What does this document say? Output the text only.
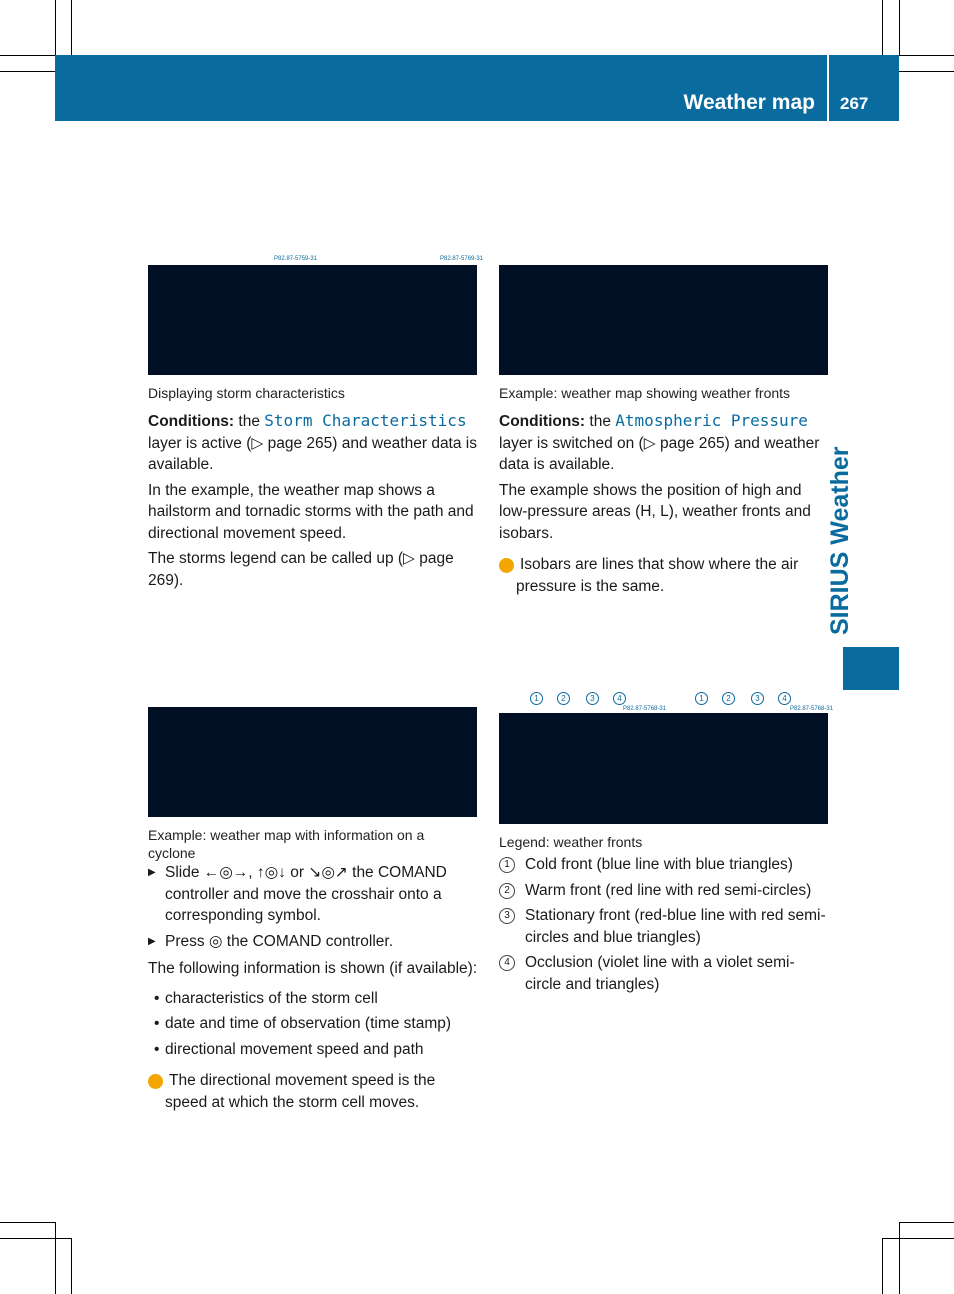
Weather map 267
SIRIUS Weather
P82.87-5759-31
Displaying storm characteristics

Conditions: the Storm Characteristics layer is active (▷ page 265) and weather data is available.

In the example, the weather map shows a hailstorm and tornadic storms with the path and directional movement speed.

The storms legend can be called up (▷ page 269).

Example: weather map with information on a cyclone

▶ Slide ←◎→, ↑◎↓ or ↘◎↗ the COMAND controller and move the crosshair onto a corresponding symbol.

▶ Press ◎ the COMAND controller.

The following information is shown (if available):

• characteristics of the storm cell
• date and time of observation (time stamp)
• directional movement speed and path

i The directional movement speed is the speed at which the storm cell moves.

P82.87-5769-31
Example: weather map showing weather fronts

Conditions: the Atmospheric Pressure layer is switched on (▷ page 265) and weather data is available.

The example shows the position of high and low-pressure areas (H, L), weather fronts and isobars.

i Isobars are lines that show where the air pressure is the same.

1	2	3	4	1	2	3	4
P82.87-5768-31	P82.87-5768-31
Legend: weather fronts
1 Cold front (blue line with blue triangles)
2 Warm front (red line with red semi-circles)
3 Stationary front (red-blue line with red semi-circles and blue triangles)
4 Occlusion (violet line with a violet semi-circle and triangles)
